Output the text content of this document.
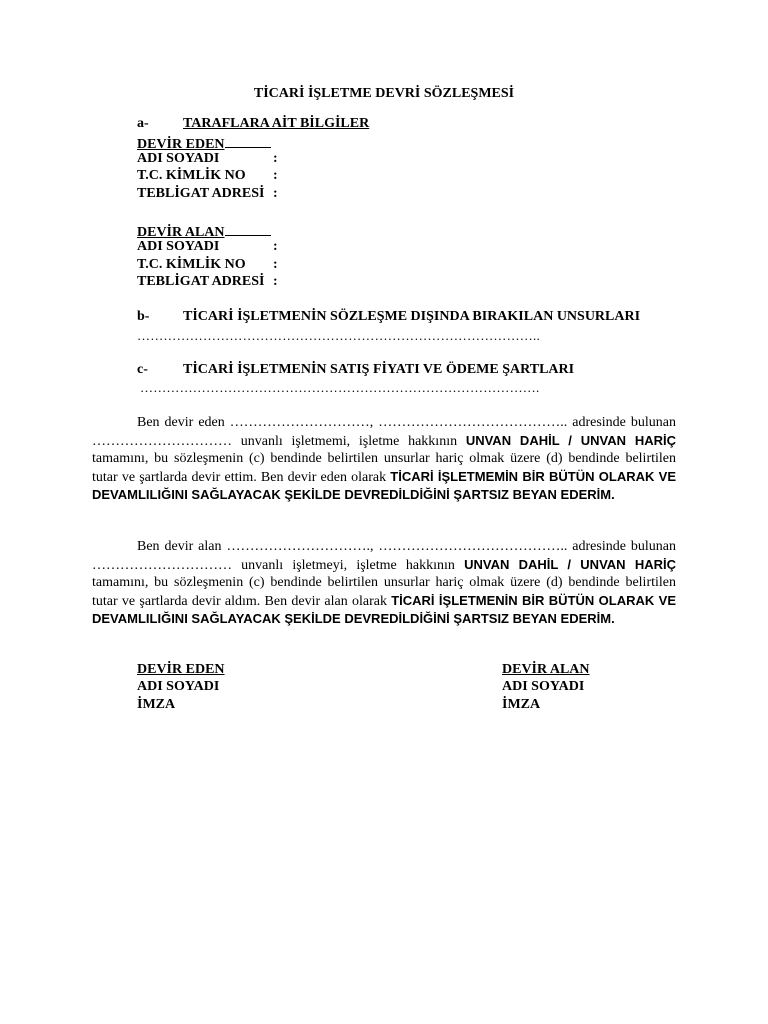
TİCARİ İŞLETME DEVRİ SÖZLEŞMESİ
a- TARAFLARA AİT BİLGİLER
DEVİR EDEN
ADI SOYADI	:
T.C. KİMLİK NO :
TEBLİGAT ADRESİ :
DEVİR ALAN
ADI SOYADI	:
T.C. KİMLİK NO :
TEBLİGAT ADRESİ :
b- TİCARİ İŞLETMENİN SÖZLEŞME DIŞINDA BIRAKILAN UNSURLARI
………………………………………………………………………………..
c-	TİCARİ İŞLETMENİN SATIŞ FİYATI VE ÖDEME ŞARTLARI
……………………………………………………………………………….

Ben devir eden …………………………, ………………………………….. adresinde bulunan ………………………… unvanlı işletmemi, işletme hakkının UNVAN DAHİL / UNVAN HARİÇ tamamını, bu sözleşmenin (c) bendinde belirtilen unsurlar hariç olmak üzere (d) bendinde belirtilen tutar ve şartlarda devir ettim. Ben devir eden olarak TİCARİ İŞLETMEMİN BİR BÜTÜN OLARAK VE DEVAMLILIĞINI SAĞLAYACAK ŞEKİLDE DEVREDİLDİĞİNİ ŞARTSIZ BEYAN EDERİM.

Ben devir alan …………………………., ………………………………….. adresinde bulunan ………………………… unvanlı işletmeyi, işletme hakkının UNVAN DAHİL / UNVAN HARİÇ tamamını, bu sözleşmenin (c) bendinde belirtilen unsurlar hariç olmak üzere (d) bendinde belirtilen tutar ve şartlarda devir aldım. Ben devir alan olarak TİCARİ İŞLETMENİN BİR BÜTÜN OLARAK VE DEVAMLILIĞINI SAĞLAYACAK ŞEKİLDE DEVREDİLDİĞİNİ ŞARTSIZ BEYAN EDERİM.

DEVİR EDEN
ADI SOYADI
İMZA
DEVİR ALAN
ADI SOYADI
İMZA
